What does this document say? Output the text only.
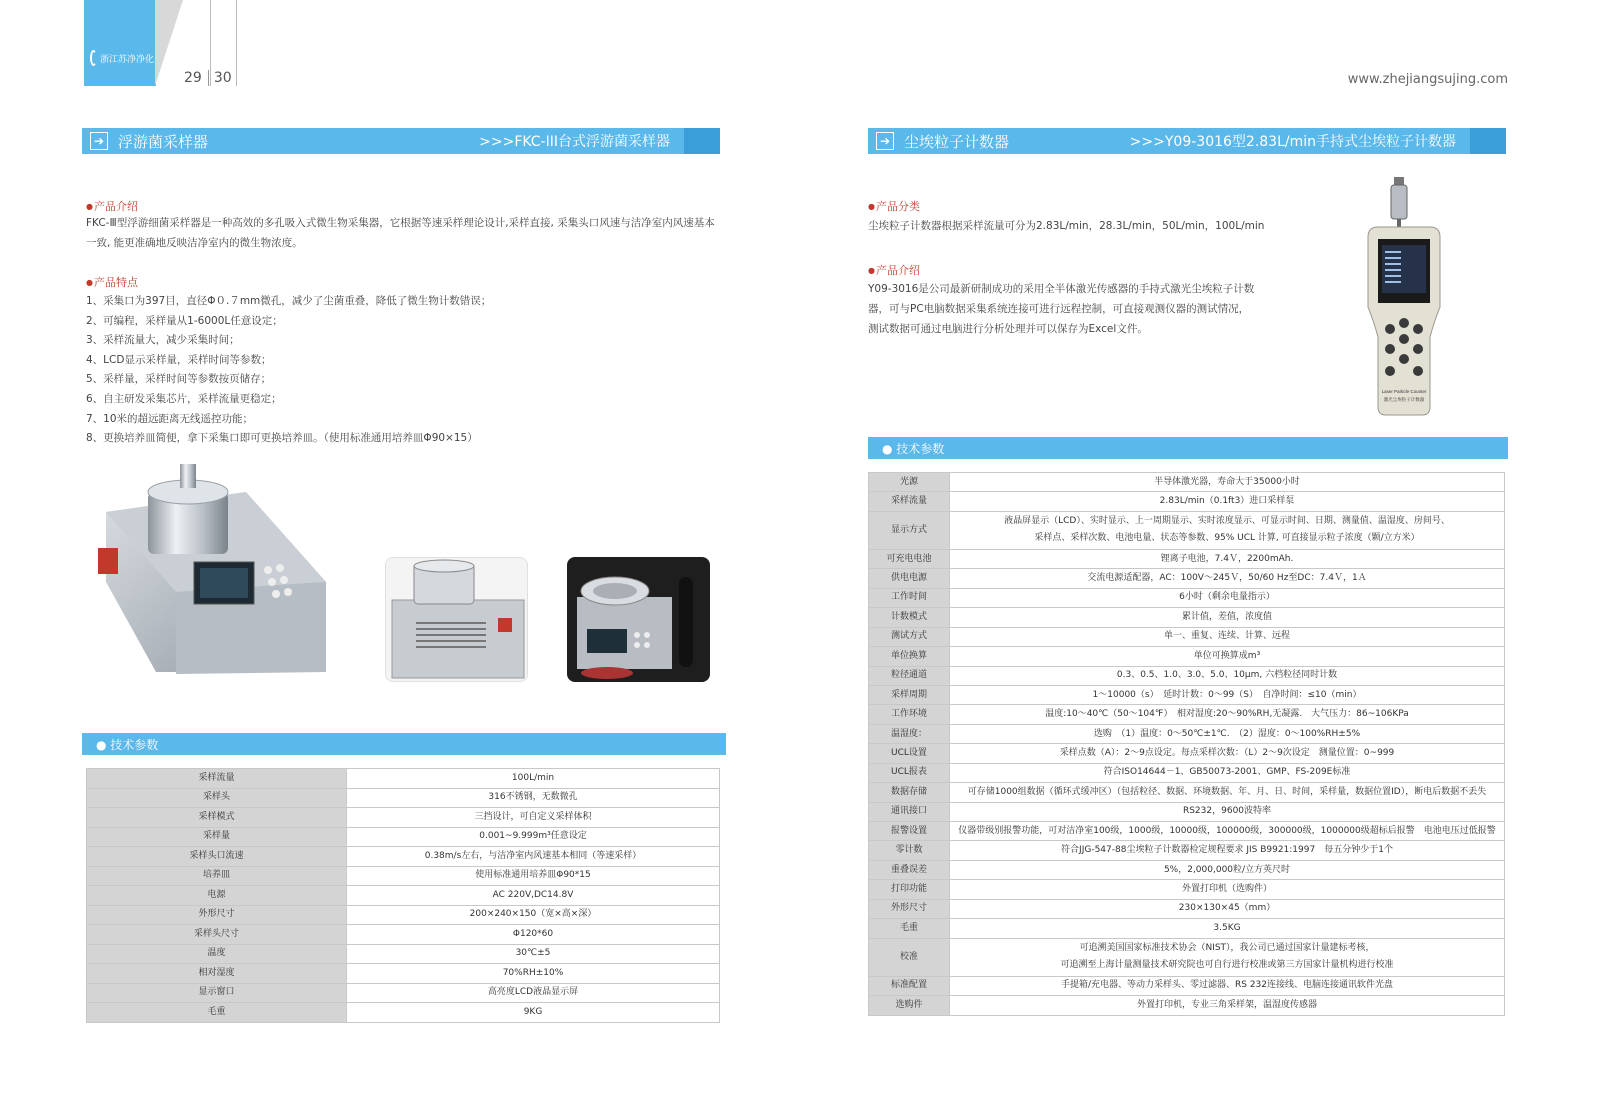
浙江苏净净化
29 30	www.zhejiangsujing.com
➔ 浮游菌采样器	>>>FKC-III台式浮游菌采样器
● 产品介绍
FKC-Ⅲ型浮游细菌采样器是一种高效的多孔吸入式微生物采集器，它根据等速采样理论设计,采样直接, 采集头口风速与洁净室内风速基本一致, 能更准确地反映洁净室内的微生物浓度。
● 产品特点
1、采集口为397目，直径Φ０.７mm微孔，减少了尘菌重叠，降低了微生物计数错误；
2、可编程，采样量从1-6000L任意设定；
3、采样流量大，减少采集时间；
4、LCD显示采样量，采样时间等参数；
5、采样量，采样时间等参数按页储存；
6、自主研发采集芯片，采样流量更稳定；
7、10米的超远距离无线遥控功能；
8、更换培养皿简便，拿下采集口即可更换培养皿。（使用标准通用培养皿Φ90×15）
● 技术参数
采样流量	100L/min
采样头	316不锈钢，无数微孔
采样模式	三挡设计，可自定义采样体积
采样量	0.001~9.999m³任意设定
采样头口流速	0.38m/s左右，与洁净室内风速基本相同（等速采样）
培养皿	使用标准通用培养皿Φ90*15
电源	AC 220V,DC14.8V
外形尺寸	200×240×150（宽×高×深）
采样头尺寸	Φ120*60
温度	30℃±5
相对湿度	70%RH±10%
显示窗口	高亮度LCD液晶显示屏
毛重	9KG
➔ 尘埃粒子计数器	>>>Y09-3016型2.83L/min手持式尘埃粒子计数器
● 产品分类
尘埃粒子计数器根据采样流量可分为2.83L/min，28.3L/min，50L/min，100L/min
● 产品介绍
Y09-3016是公司最新研制成功的采用全半体激光传感器的手持式激光尘埃粒子计数器，可与PC电脑数据采集系统连接可进行远程控制，可直接观测仪器的测试情况，测试数据可通过电脑进行分析处理并可以保存为Excel文件。
Laser Particle Counter
激光尘埃粒子计数器
● 技术参数
光源	半导体激光器，寿命大于35000小时
采样流量	2.83L/min（0.1ft3）进口采样泵
显示方式	液晶屏显示（LCD）、实时显示、上一周期显示、实时浓度显示、可显示时间、日期、测量值、温湿度、房间号、
采样点、采样次数、电池电量、状态等参数、95% UCL 计算, 可直接显示粒子浓度（颗/立方米）

可充电电池	锂离子电池，7.4Ｖ，2200mAh.
供电电源	交流电源适配器，AC：100V～245Ｖ，50/60 Hz至DC：7.4Ｖ，1Ａ
工作时间	6小时（剩余电量指示）
计数模式	累计值，差值，浓度值
测试方式	单一、重复、连续、计算、远程
单位换算	单位可换算成m³
粒径通道	0.3、0.5、1.0、3.0、5.0、10μm, 六档粒径同时计数
采样周期	1～10000（s）　延时计数：0～99（S）　自净时间：≤10（min）
工作环境	温度:10～40℃（50～104℉）　相对湿度:20～90%RH,无凝露.　大气压力：86~106KPa
温湿度：	选购　（1）温度：0～50℃±1℃.　（2）湿度：0～100%RH±5%
UCL设置	采样点数（A）：2～9点设定。每点采样次数：（L）2～9次设定　测量位置：0~999
UCL报表	符合ISO14644－1、GB50073-2001、GMP、FS-209E标准
数据存储	可存储1000组数据（循环式缓冲区）（包括粒径、数据、环境数据、年、月、日、时间，采样量，数据位置ID），断电后数据不丢失
通讯接口	RS232，9600波特率
报警设置	仪器带级别报警功能，可对洁净室100级，1000级，10000级，100000级，300000级，1000000级超标后报警　电池电压过低报警
零计数	符合JJG-547-88尘埃粒子计数器检定规程要求 JIS B9921:1997　每五分钟少于1个
重叠误差	5%，2,000,000粒/立方英尺时
打印功能	外置打印机（选购件）
外形尺寸	230×130×45（mm）
毛重	3.5KG
校准	可追溯美国国家标准技术协会（NIST），我公司已通过国家计量建标考核，
可追溯至上海计量测量技术研究院也可自行进行校准或第三方国家计量机构进行校准

标准配置	手提箱/充电器、等动力采样头、零过滤器、RS 232连接线、电脑连接通讯软件光盘
选购件	外置打印机，专业三角采样架，温湿度传感器
